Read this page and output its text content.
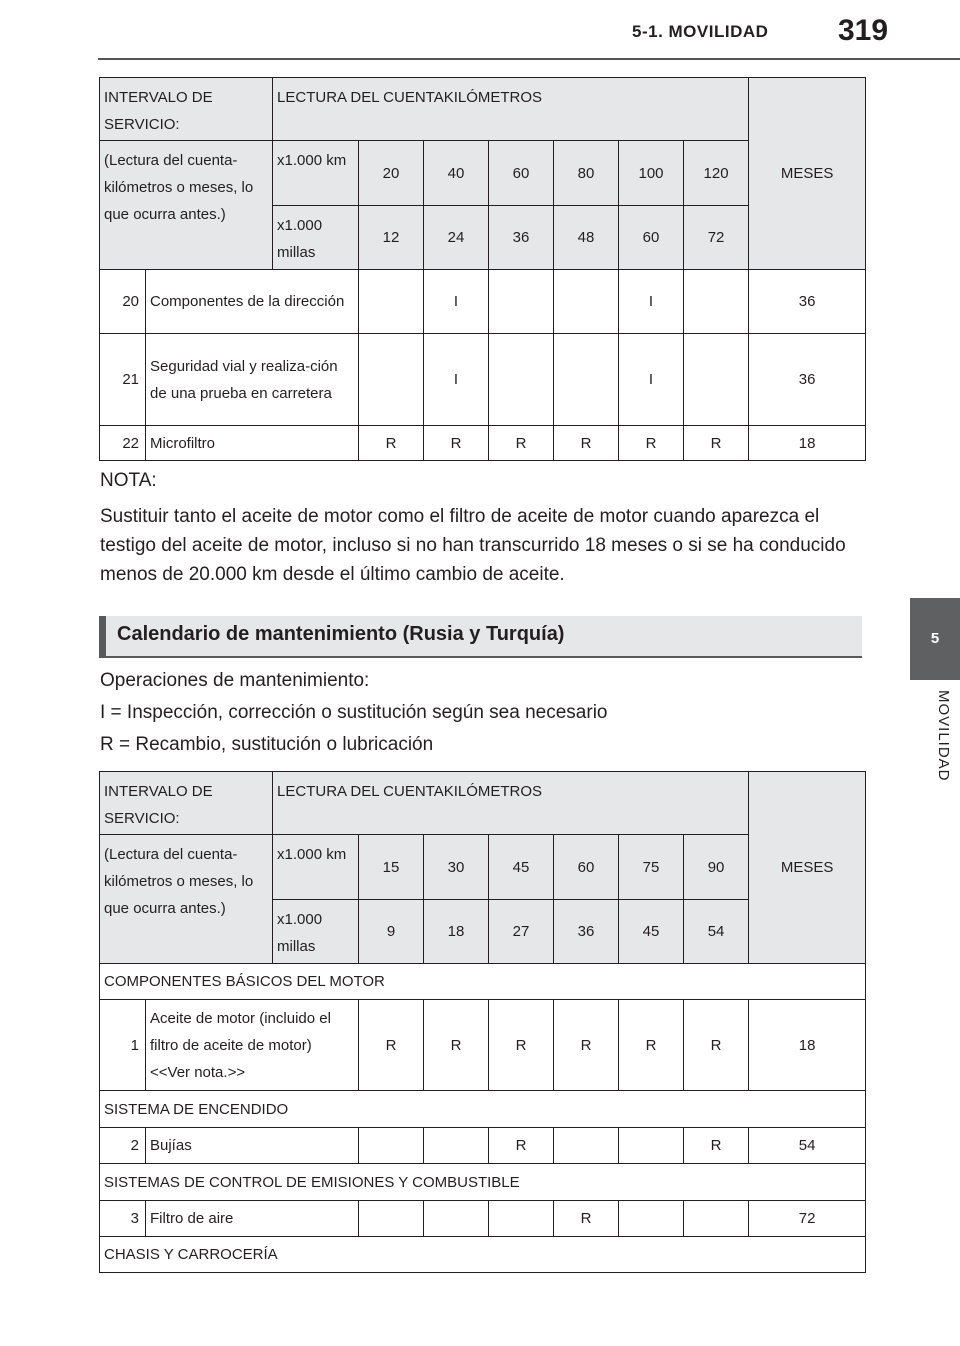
5-1. MOVILIDAD 319
5
MOVILIDAD
INTERVALO DE SERVICIO:		LECTURA DEL CUENTAKILÓMETROS							MESES
(Lectura del cuenta-kilómetros o meses, lo que ocurra antes.)		x1.000 km	20	40	60	80	100	120	
		x1.000 millas	12	24	36	48	60	72	
20	Componentes de la dirección			I			I		36
21	Seguridad vial y realiza-ción de una prueba en carretera			I			I		36
22	Microfiltro		R	R	R	R	R	R	18
NOTA:
Sustituir tanto el aceite de motor como el filtro de aceite de motor cuando aparezca el testigo del aceite de motor, incluso si no han transcurrido 18 meses o si se ha conducido menos de 20.000 km desde el último cambio de aceite.
Calendario de mantenimiento (Rusia y Turquía)
Operaciones de mantenimiento:
I = Inspección, corrección o sustitución según sea necesario
R = Recambio, sustitución o lubricación
INTERVALO DE SERVICIO:		LECTURA DEL CUENTAKILÓMETROS							MESES
(Lectura del cuenta-kilómetros o meses, lo que ocurra antes.)		x1.000 km	15	30	45	60	75	90	
		x1.000 millas	9	18	27	36	45	54	
COMPONENTES BÁSICOS DEL MOTOR									
1	Aceite de motor (incluido el filtro de aceite de motor) <<Ver nota.>>		R	R	R	R	R	R	18
SISTEMA DE ENCENDIDO									
2	Bujías				R			R	54
SISTEMAS DE CONTROL DE EMISIONES Y COMBUSTIBLE									
3	Filtro de aire					R			72
CHASIS Y CARROCERÍA									
